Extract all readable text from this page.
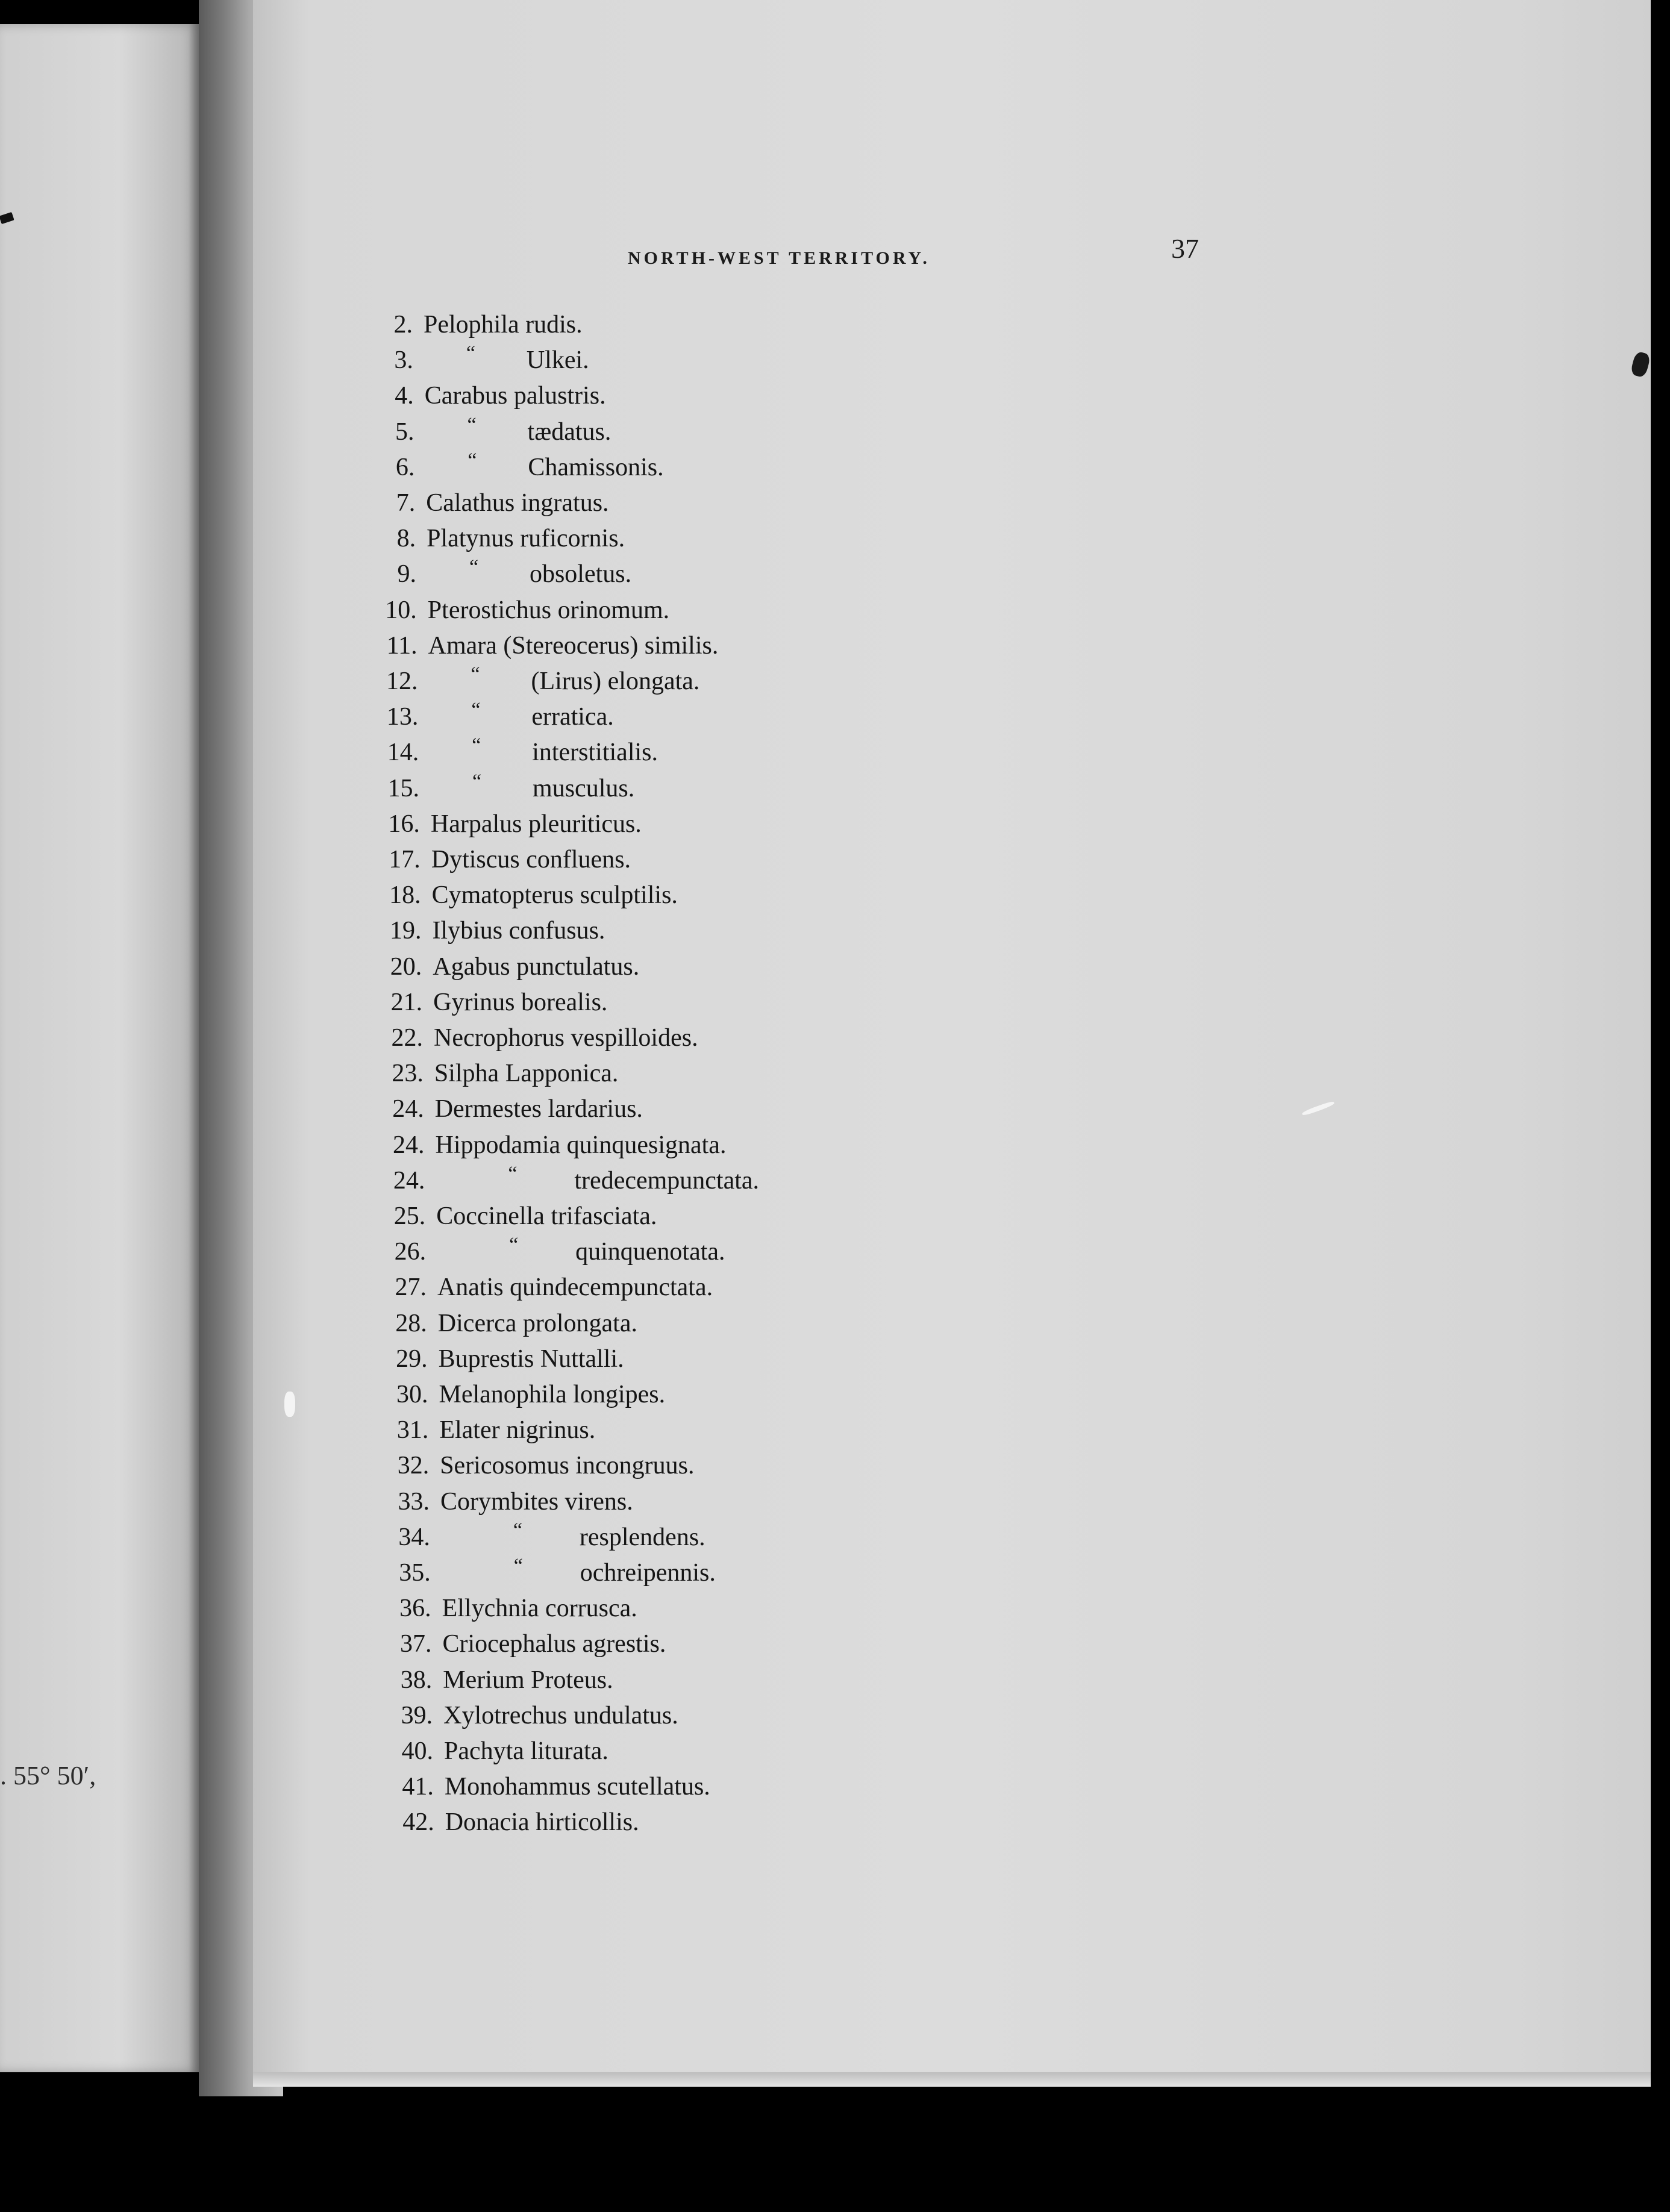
. 55° 50′,
NORTH-WEST TERRITORY.	37
2. Pelophila rudis.
3.	“ Ulkei.
4. Carabus palustris.
5.	“ tædatus.
6.	“ Chamissonis.
7. Calathus ingratus.
8. Platynus ruficornis.
9.	“ obsoletus.
10. Pterostichus orinomum.
11. Amara (Stereocerus) similis.
12.	“ (Lirus) elongata.
13.	“ erratica.
14.	“ interstitialis.
15.	“ musculus.
16. Harpalus pleuriticus.
17. Dytiscus confluens.
18. Cymatopterus sculptilis.
19. Ilybius confusus.
20. Agabus punctulatus.
21. Gyrinus borealis.
22. Necrophorus vespilloides.
23. Silpha Lapponica.
24. Dermestes lardarius.
24. Hippodamia quinquesignata.
24.	“ tredecempunctata.
25. Coccinella trifasciata.
26.	“ quinquenotata.
27. Anatis quindecempunctata.
28. Dicerca prolongata.
29. Buprestis Nuttalli.
30. Melanophila longipes.
31. Elater nigrinus.
32. Sericosomus incongruus.
33. Corymbites virens.
34.	“ resplendens.
35.	“ ochreipennis.
36. Ellychnia corrusca.
37. Criocephalus agrestis.
38. Merium Proteus.
39. Xylotrechus undulatus.
40. Pachyta liturata.
41. Monohammus scutellatus.
42. Donacia hirticollis.
